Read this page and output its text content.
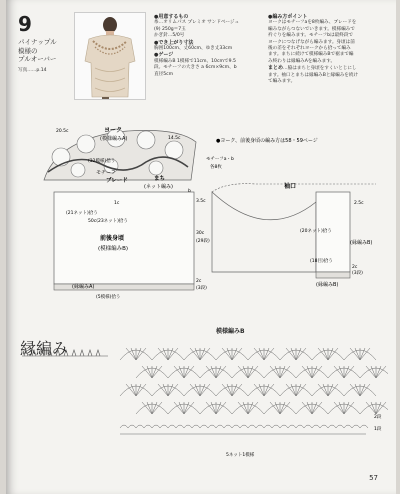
9
パイナップル
模様の
プルオーバー
写真……p.14
●用意するもの
糸…オリムパス プレミオ サンドベージュ
(9) 250g＝7玉
かぎ針…5/0号
●でき上がり寸法
胸囲100cm、丈60cm、ゆき丈33cm
●ゲージ
模様編みB 1模様で11cm、10cmで9.5
段。モチーフの大きさ a 6cm×9cm、b
直径5cm
●編み方ポイント
ヨークはモチーフaを8枚編み、ブレードを
編みながらつないでいきます。模様編みで
衿ぐりを編みます。モチーフbは最終段で
ヨークにつなげながら編みます。身頃は前
後の差をそれぞれヨークから拾って編み
ます。まちに続けて模様編みBで裾まで編
み終わりは縁編みAを編みます。
まとめ…脇はまちと身頃をすくいとじにし
ます。袖口とまちは縁編みBと縁編みを続け
て編みます。
ヨーク
(模様編みA)
20.5c
14.5c
(32模様)拾う
ブレード
モチーフ
まち
(ネット編み)
モチーフa・b
各8枚
(21ネット)拾う
50c(23ネット)拾う
1c	3.5c
b
前後身頃
(模様編みB)
30c
(29段)
2c
(3段)
(縁編みA)
(5模様)拾う
●ヨーク、前後身頃の編み方は58・59ページ
袖口
2.5c
(20ネット)拾う
(縁編みB)
(18目)拾う
2c
(3段)
(縁編みB)
縁編み
模様編みB
5ネット1模様
2段
1段
57
